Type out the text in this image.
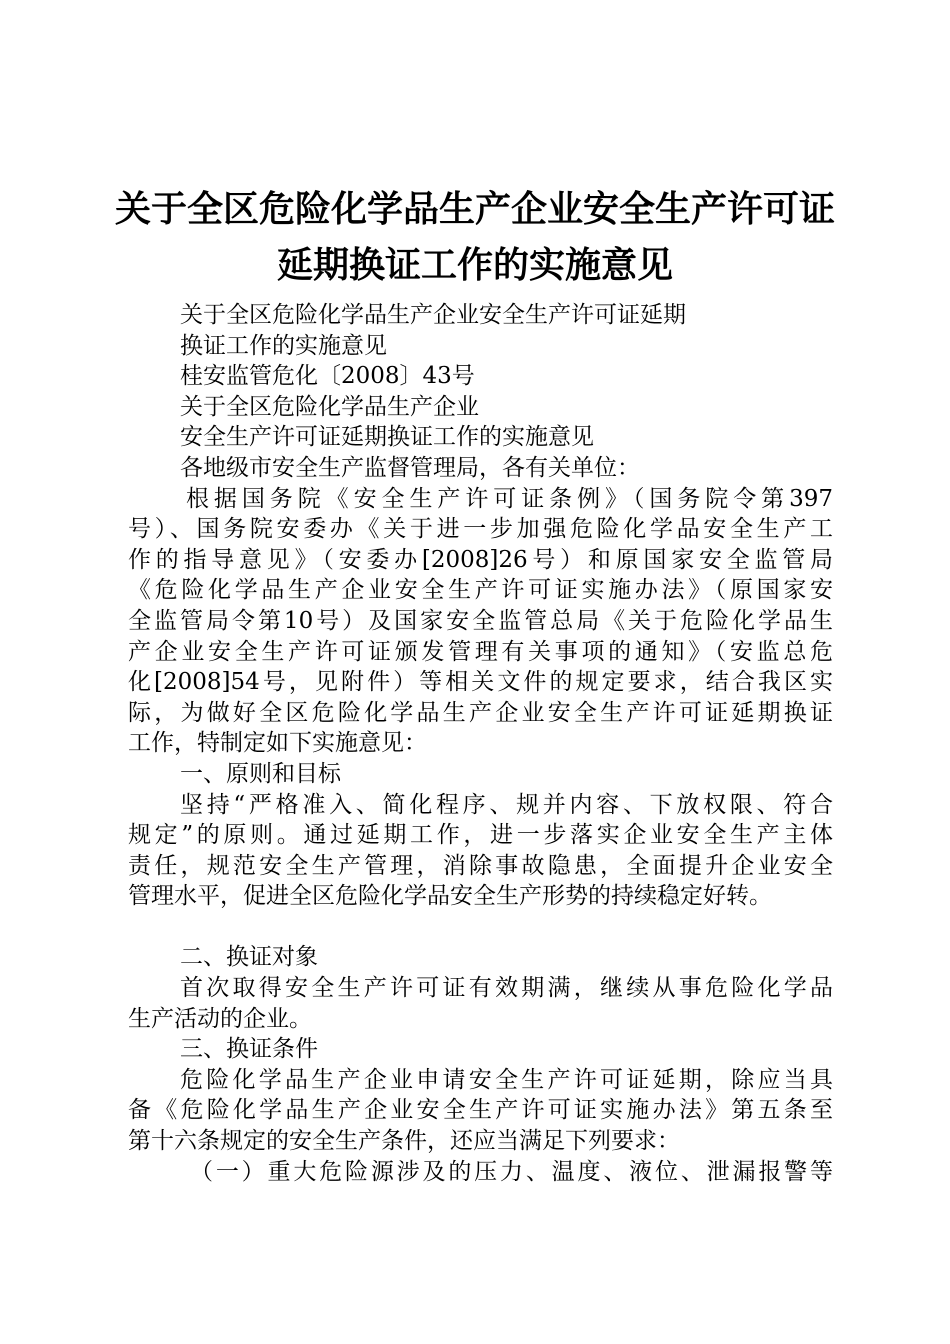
关于全区危险化学品生产企业安全生产许可证
延期换证工作的实施意见
关于全区危险化学品生产企业安全生产许可证延期
换证工作的实施意见
桂安监管危化〔2008〕43号
关于全区危险化学品生产企业
安全生产许可证延期换证工作的实施意见
各地级市安全生产监督管理局，各有关单位：
根据国务院《安全生产许可证条例》（国务院令第397
号）、国务院安委办《关于进一步加强危险化学品安全生产工
作的指导意见》（安委办[2008]26号）和原国家安全监管局
《危险化学品生产企业安全生产许可证实施办法》（原国家安
全监管局令第10号）及国家安全监管总局《关于危险化学品生
产企业安全生产许可证颁发管理有关事项的通知》（安监总危
化[2008]54号，见附件）等相关文件的规定要求，结合我区实
际，为做好全区危险化学品生产企业安全生产许可证延期换证
工作，特制定如下实施意见：
一、原则和目标
坚持“严格准入、简化程序、规并内容、下放权限、符合
规定”的原则。通过延期工作，进一步落实企业安全生产主体
责任，规范安全生产管理，消除事故隐患，全面提升企业安全
管理水平，促进全区危险化学品安全生产形势的持续稳定好转。
二、换证对象
首次取得安全生产许可证有效期满，继续从事危险化学品
生产活动的企业。
三、换证条件
危险化学品生产企业申请安全生产许可证延期，除应当具
备《危险化学品生产企业安全生产许可证实施办法》第五条至
第十六条规定的安全生产条件，还应当满足下列要求：
（一）重大危险源涉及的压力、温度、液位、泄漏报警等
